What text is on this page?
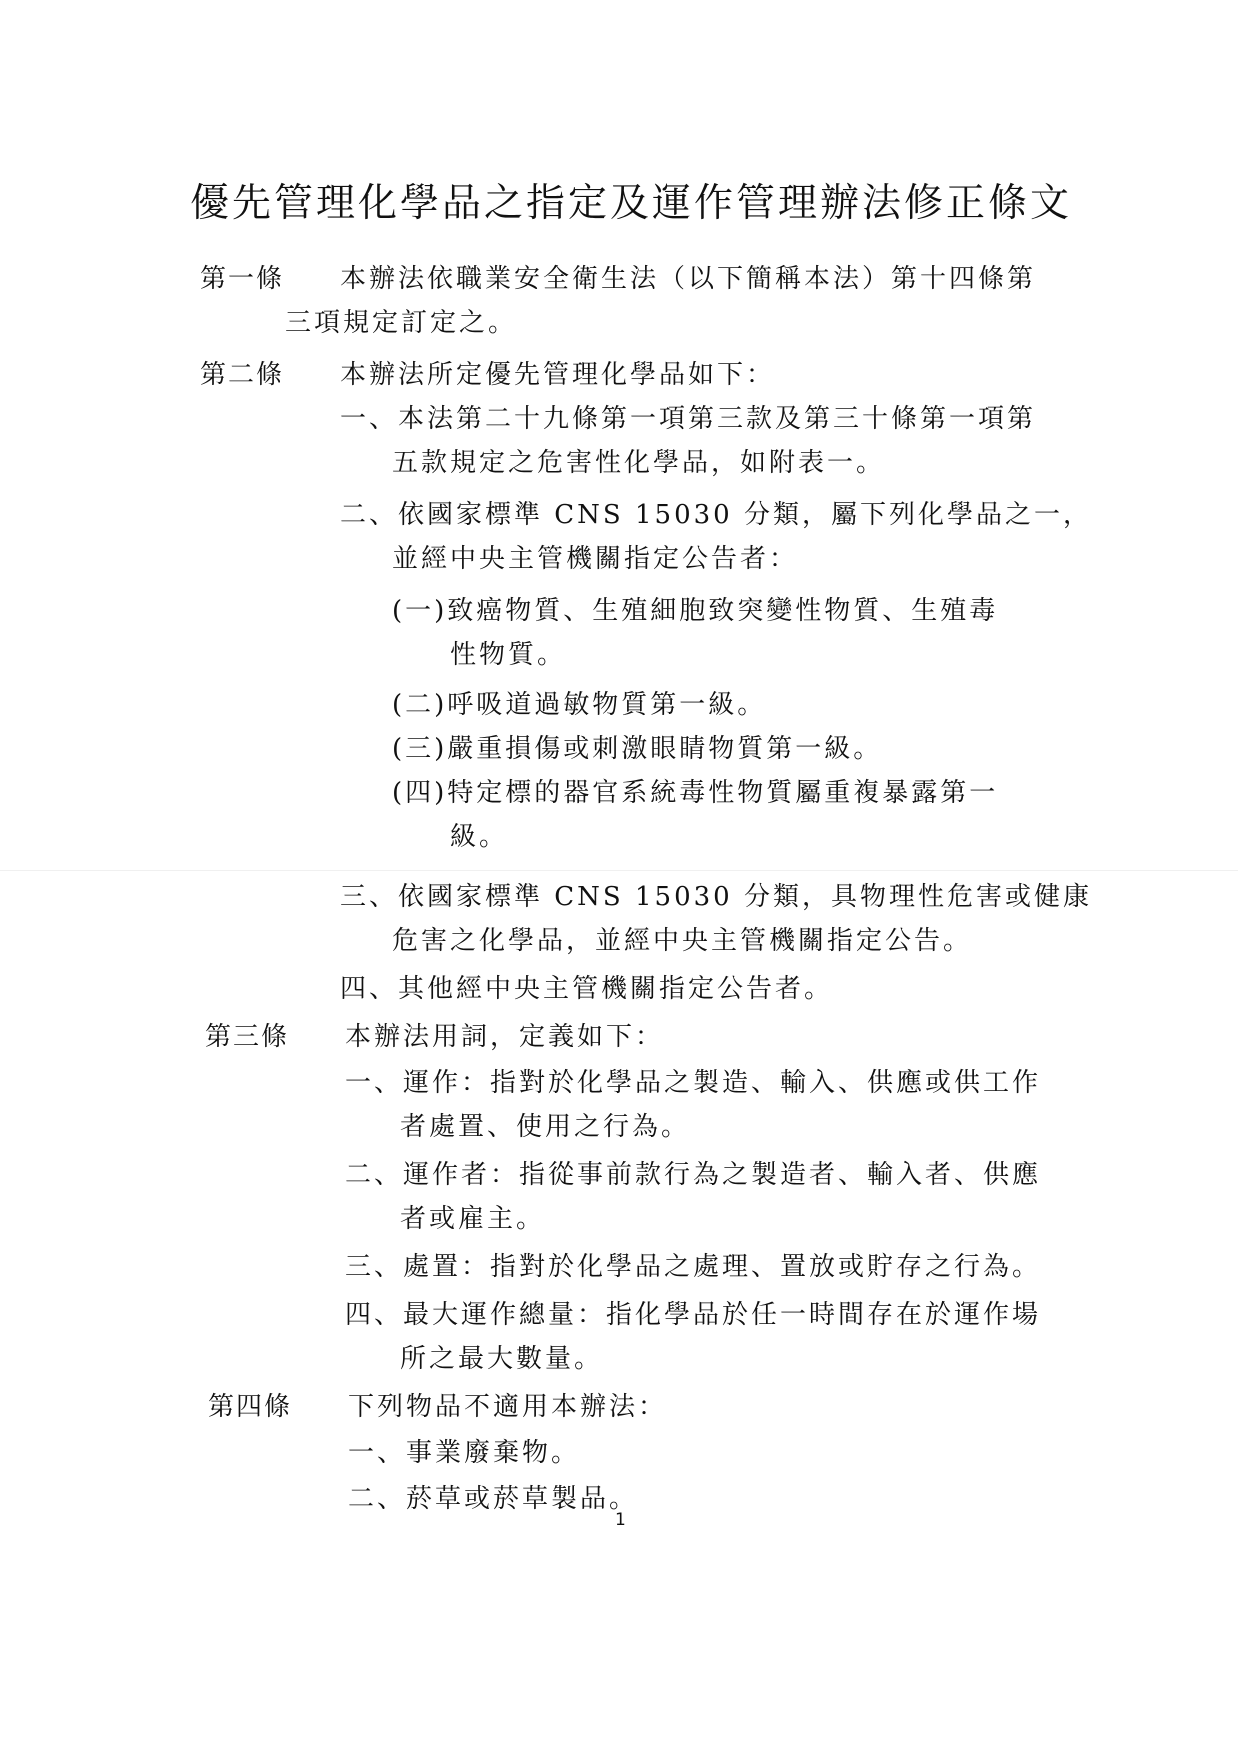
優先管理化學品之指定及運作管理辦法修正條文
第一條 本辦法依職業安全衛生法（以下簡稱本法）第十四條第
三項規定訂定之。
第二條 本辦法所定優先管理化學品如下：
一、本法第二十九條第一項第三款及第三十條第一項第
五款規定之危害性化學品，如附表一。
二、依國家標準 CNS 15030 分類，屬下列化學品之一，
並經中央主管機關指定公告者：
(一)致癌物質、生殖細胞致突變性物質、生殖毒
性物質。
(二)呼吸道過敏物質第一級。
(三)嚴重損傷或刺激眼睛物質第一級。
(四)特定標的器官系統毒性物質屬重複暴露第一
級。
三、依國家標準 CNS 15030 分類，具物理性危害或健康
危害之化學品，並經中央主管機關指定公告。
四、其他經中央主管機關指定公告者。
第三條 本辦法用詞，定義如下：
一、運作：指對於化學品之製造、輸入、供應或供工作
者處置、使用之行為。
二、運作者：指從事前款行為之製造者、輸入者、供應
者或雇主。
三、處置：指對於化學品之處理、置放或貯存之行為。
四、最大運作總量：指化學品於任一時間存在於運作場
所之最大數量。
第四條 下列物品不適用本辦法：
一、事業廢棄物。
二、菸草或菸草製品。
1
